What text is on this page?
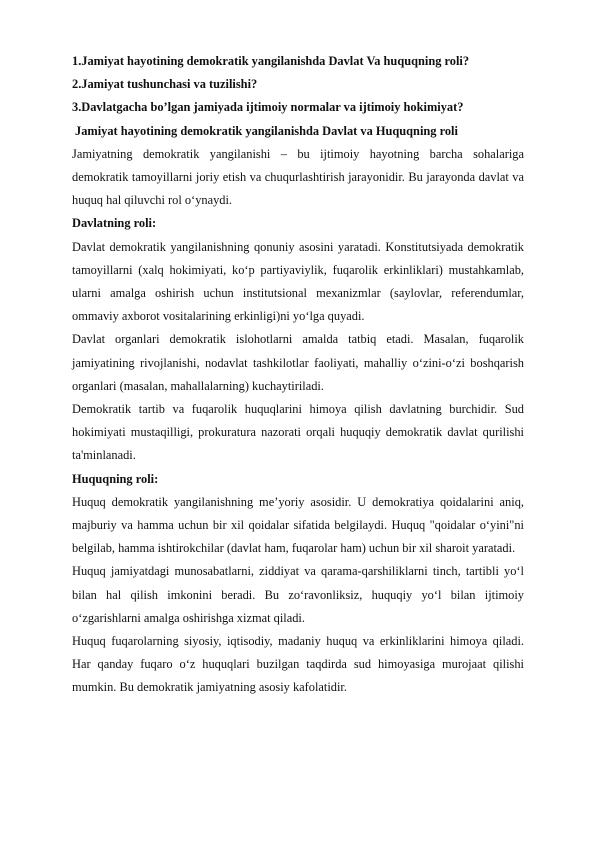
1.Jamiyat hayotining demokratik yangilanishda Davlat Va huquqning roli?
2.Jamiyat tushunchasi va tuzilishi?
3.Davlatgacha bo’lgan jamiyada ijtimoiy normalar va ijtimoiy hokimiyat?
Jamiyat hayotining demokratik yangilanishda Davlat va Huquqning roli
Jamiyatning demokratik yangilanishi – bu ijtimoiy hayotning barcha sohalariga demokratik tamoyillarni joriy etish va chuqurlashtirish jarayonidir. Bu jarayonda davlat va huquq hal qiluvchi rol o‘ynaydi.
Davlatning roli:
Davlat demokratik yangilanishning qonuniy asosini yaratadi. Konstitutsiyada demokratik tamoyillarni (xalq hokimiyati, ko‘p partiyaviylik, fuqarolik erkinliklari) mustahkamlab, ularni amalga oshirish uchun institutsional mexanizmlar (saylovlar, referendumlar, ommaviy axborot vositalarining erkinligi)ni yo‘lga quyadi.
Davlat organlari demokratik islohotlarni amalda tatbiq etadi. Masalan, fuqarolik jamiyatining rivojlanishi, nodavlat tashkilotlar faoliyati, mahalliy o‘zini-o‘zi boshqarish organlari (masalan, mahallalarning) kuchaytiriladi.
Demokratik tartib va fuqarolik huquqlarini himoya qilish davlatning burchidir. Sud hokimiyati mustaqilligi, prokuratura nazorati orqali huquqiy demokratik davlat qurilishi ta'minlanadi.
Huquqning roli:
Huquq demokratik yangilanishning me’yoriy asosidir. U demokratiya qoidalarini aniq, majburiy va hamma uchun bir xil qoidalar sifatida belgilaydi. Huquq "qoidalar o‘yini"ni belgilab, hamma ishtirokchilar (davlat ham, fuqarolar ham) uchun bir xil sharoit yaratadi.
Huquq jamiyatdagi munosabatlarni, ziddiyat va qarama-qarshiliklarni tinch, tartibli yo‘l bilan hal qilish imkonini beradi. Bu zo‘ravonliksiz, huquqiy yo‘l bilan ijtimoiy o‘zgarishlarni amalga oshirishga xizmat qiladi.
Huquq fuqarolarning siyosiy, iqtisodiy, madaniy huquq va erkinliklarini himoya qiladi. Har qanday fuqaro o‘z huquqlari buzilgan taqdirda sud himoyasiga murojaat qilishi mumkin. Bu demokratik jamiyatning asosiy kafolatidir.
